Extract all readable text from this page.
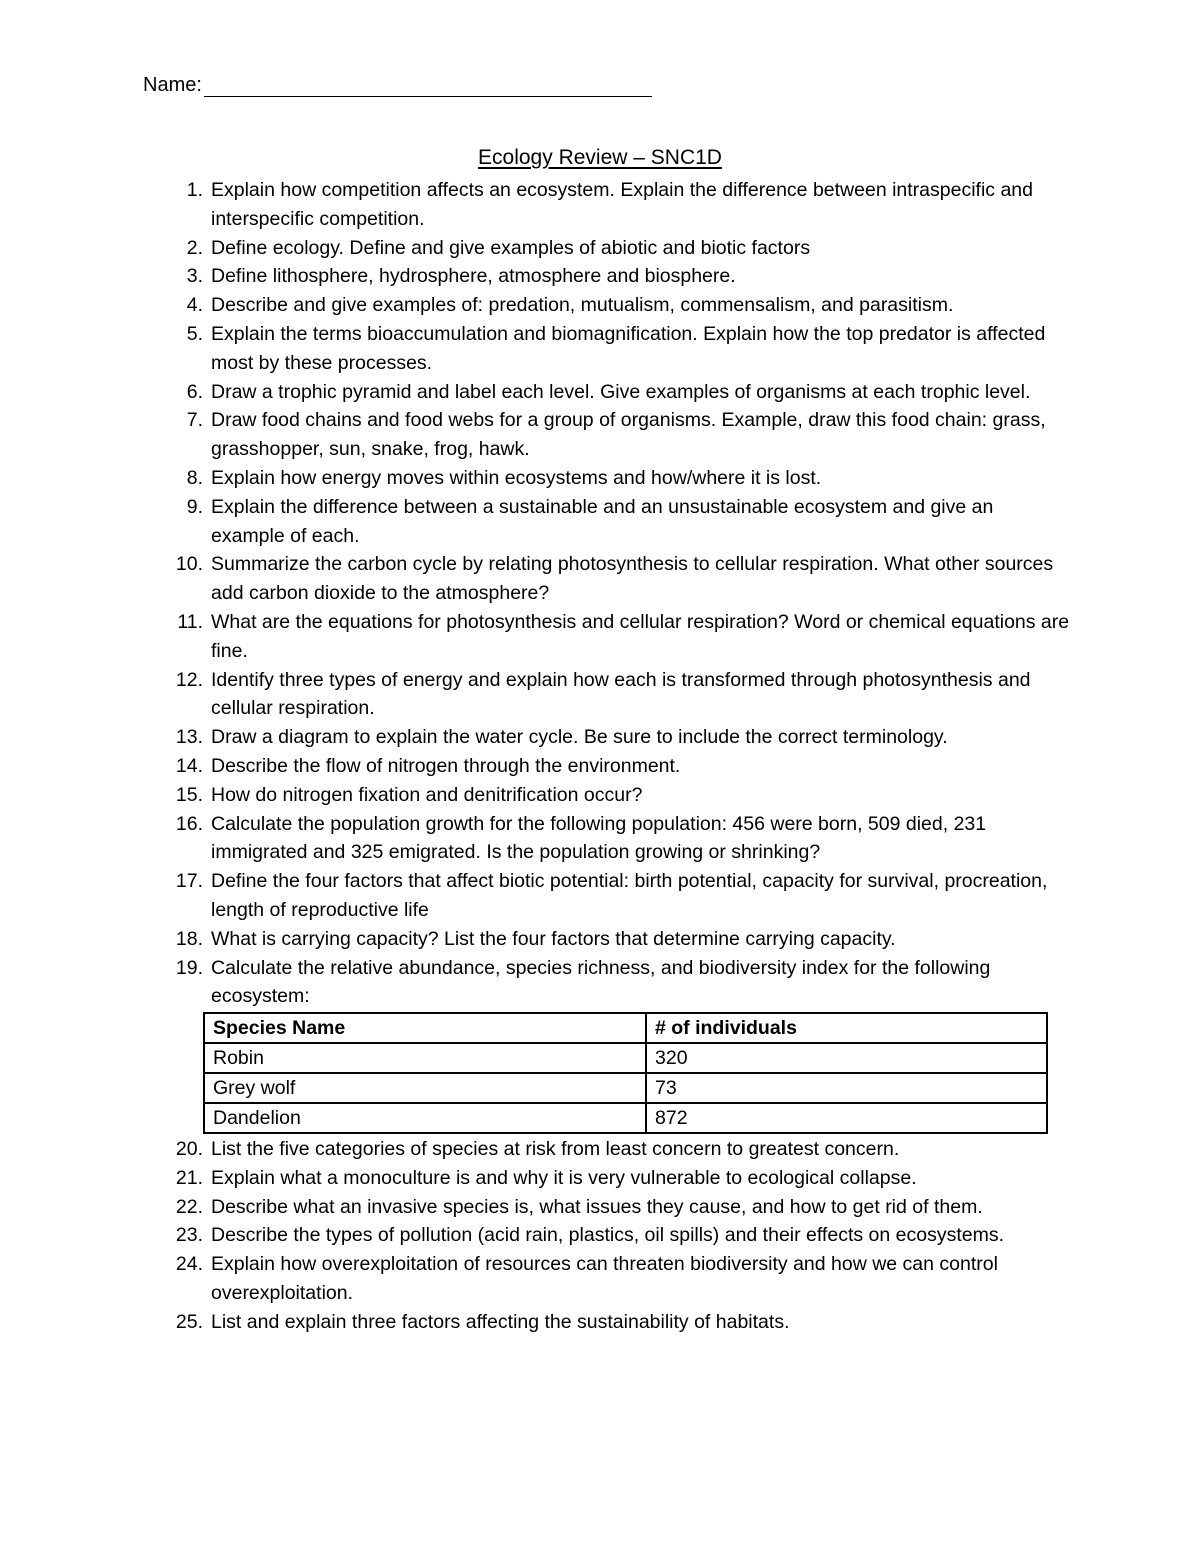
Name:
Ecology Review – SNC1D
1. Explain how competition affects an ecosystem. Explain the difference between intraspecific and interspecific competition.
2. Define ecology. Define and give examples of abiotic and biotic factors
3. Define lithosphere, hydrosphere, atmosphere and biosphere.
4. Describe and give examples of: predation, mutualism, commensalism, and parasitism.
5. Explain the terms bioaccumulation and biomagnification. Explain how the top predator is affected most by these processes.
6. Draw a trophic pyramid and label each level. Give examples of organisms at each trophic level.
7. Draw food chains and food webs for a group of organisms. Example, draw this food chain: grass, grasshopper, sun, snake, frog, hawk.
8. Explain how energy moves within ecosystems and how/where it is lost.
9. Explain the difference between a sustainable and an unsustainable ecosystem and give an example of each.
10. Summarize the carbon cycle by relating photosynthesis to cellular respiration. What other sources add carbon dioxide to the atmosphere?
11. What are the equations for photosynthesis and cellular respiration? Word or chemical equations are fine.
12. Identify three types of energy and explain how each is transformed through photosynthesis and cellular respiration.
13. Draw a diagram to explain the water cycle. Be sure to include the correct terminology.
14. Describe the flow of nitrogen through the environment.
15. How do nitrogen fixation and denitrification occur?
16. Calculate the population growth for the following population: 456 were born, 509 died, 231 immigrated and 325 emigrated. Is the population growing or shrinking?
17. Define the four factors that affect biotic potential: birth potential, capacity for survival, procreation, length of reproductive life
18. What is carrying capacity? List the four factors that determine carrying capacity.
19. Calculate the relative abundance, species richness, and biodiversity index for the following ecosystem:
Species Name	# of individuals
Robin	320
Grey wolf	73
Dandelion	872
20. List the five categories of species at risk from least concern to greatest concern.
21. Explain what a monoculture is and why it is very vulnerable to ecological collapse.
22. Describe what an invasive species is, what issues they cause, and how to get rid of them.
23. Describe the types of pollution (acid rain, plastics, oil spills) and their effects on ecosystems.
24. Explain how overexploitation of resources can threaten biodiversity and how we can control overexploitation.
25. List and explain three factors affecting the sustainability of habitats.
